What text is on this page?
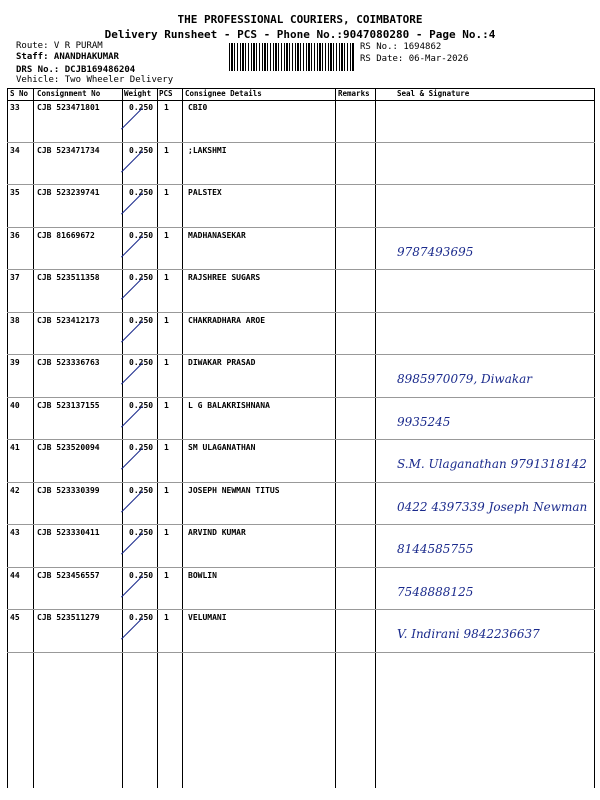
THE PROFESSIONAL COURIERS, COIMBATORE
Delivery Runsheet - PCS - Phone No.:9047080280 - Page No.:4
Route: V R PURAM
Staff: ANANDHAKUMAR
DRS No.: DCJB169486204
Vehicle: Two Wheeler Delivery
RS No.: 1694862
RS Date: 06-Mar-2026
S No Consignment No	Weight PCS Consignee Details	Remarks	Seal & Signature
33 CJB 523471801	0.250 1 CBI0
34 CJB 523471734	0.250 1 ;LAKSHMI
35 CJB 523239741	0.250 1 PALSTEX
36 CJB 81669672	0.250 1 MADHANASEKAR
9787493695
37 CJB 523511358	0.250 1 RAJSHREE SUGARS
38 CJB 523412173	0.250 1 CHAKRADHARA AROE
39 CJB 523336763	0.250 1 DIWAKAR PRASAD
8985970079, Diwakar
40 CJB 523137155	0.250 1 L G BALAKRISHNANA
9935245
41 CJB 523520094	0.250 1 SM ULAGANATHAN
S.M. Ulaganathan 9791318142
42 CJB 523330399	0.250 1 JOSEPH NEWMAN TITUS
0422 4397339 Joseph Newman
43 CJB 523330411	0.250 1 ARVIND KUMAR
8144585755
44 CJB 523456557	0.250 1 BOWLIN
7548888125
45 CJB 523511279	0.250 1 VELUMANI
V. Indirani 9842236637
